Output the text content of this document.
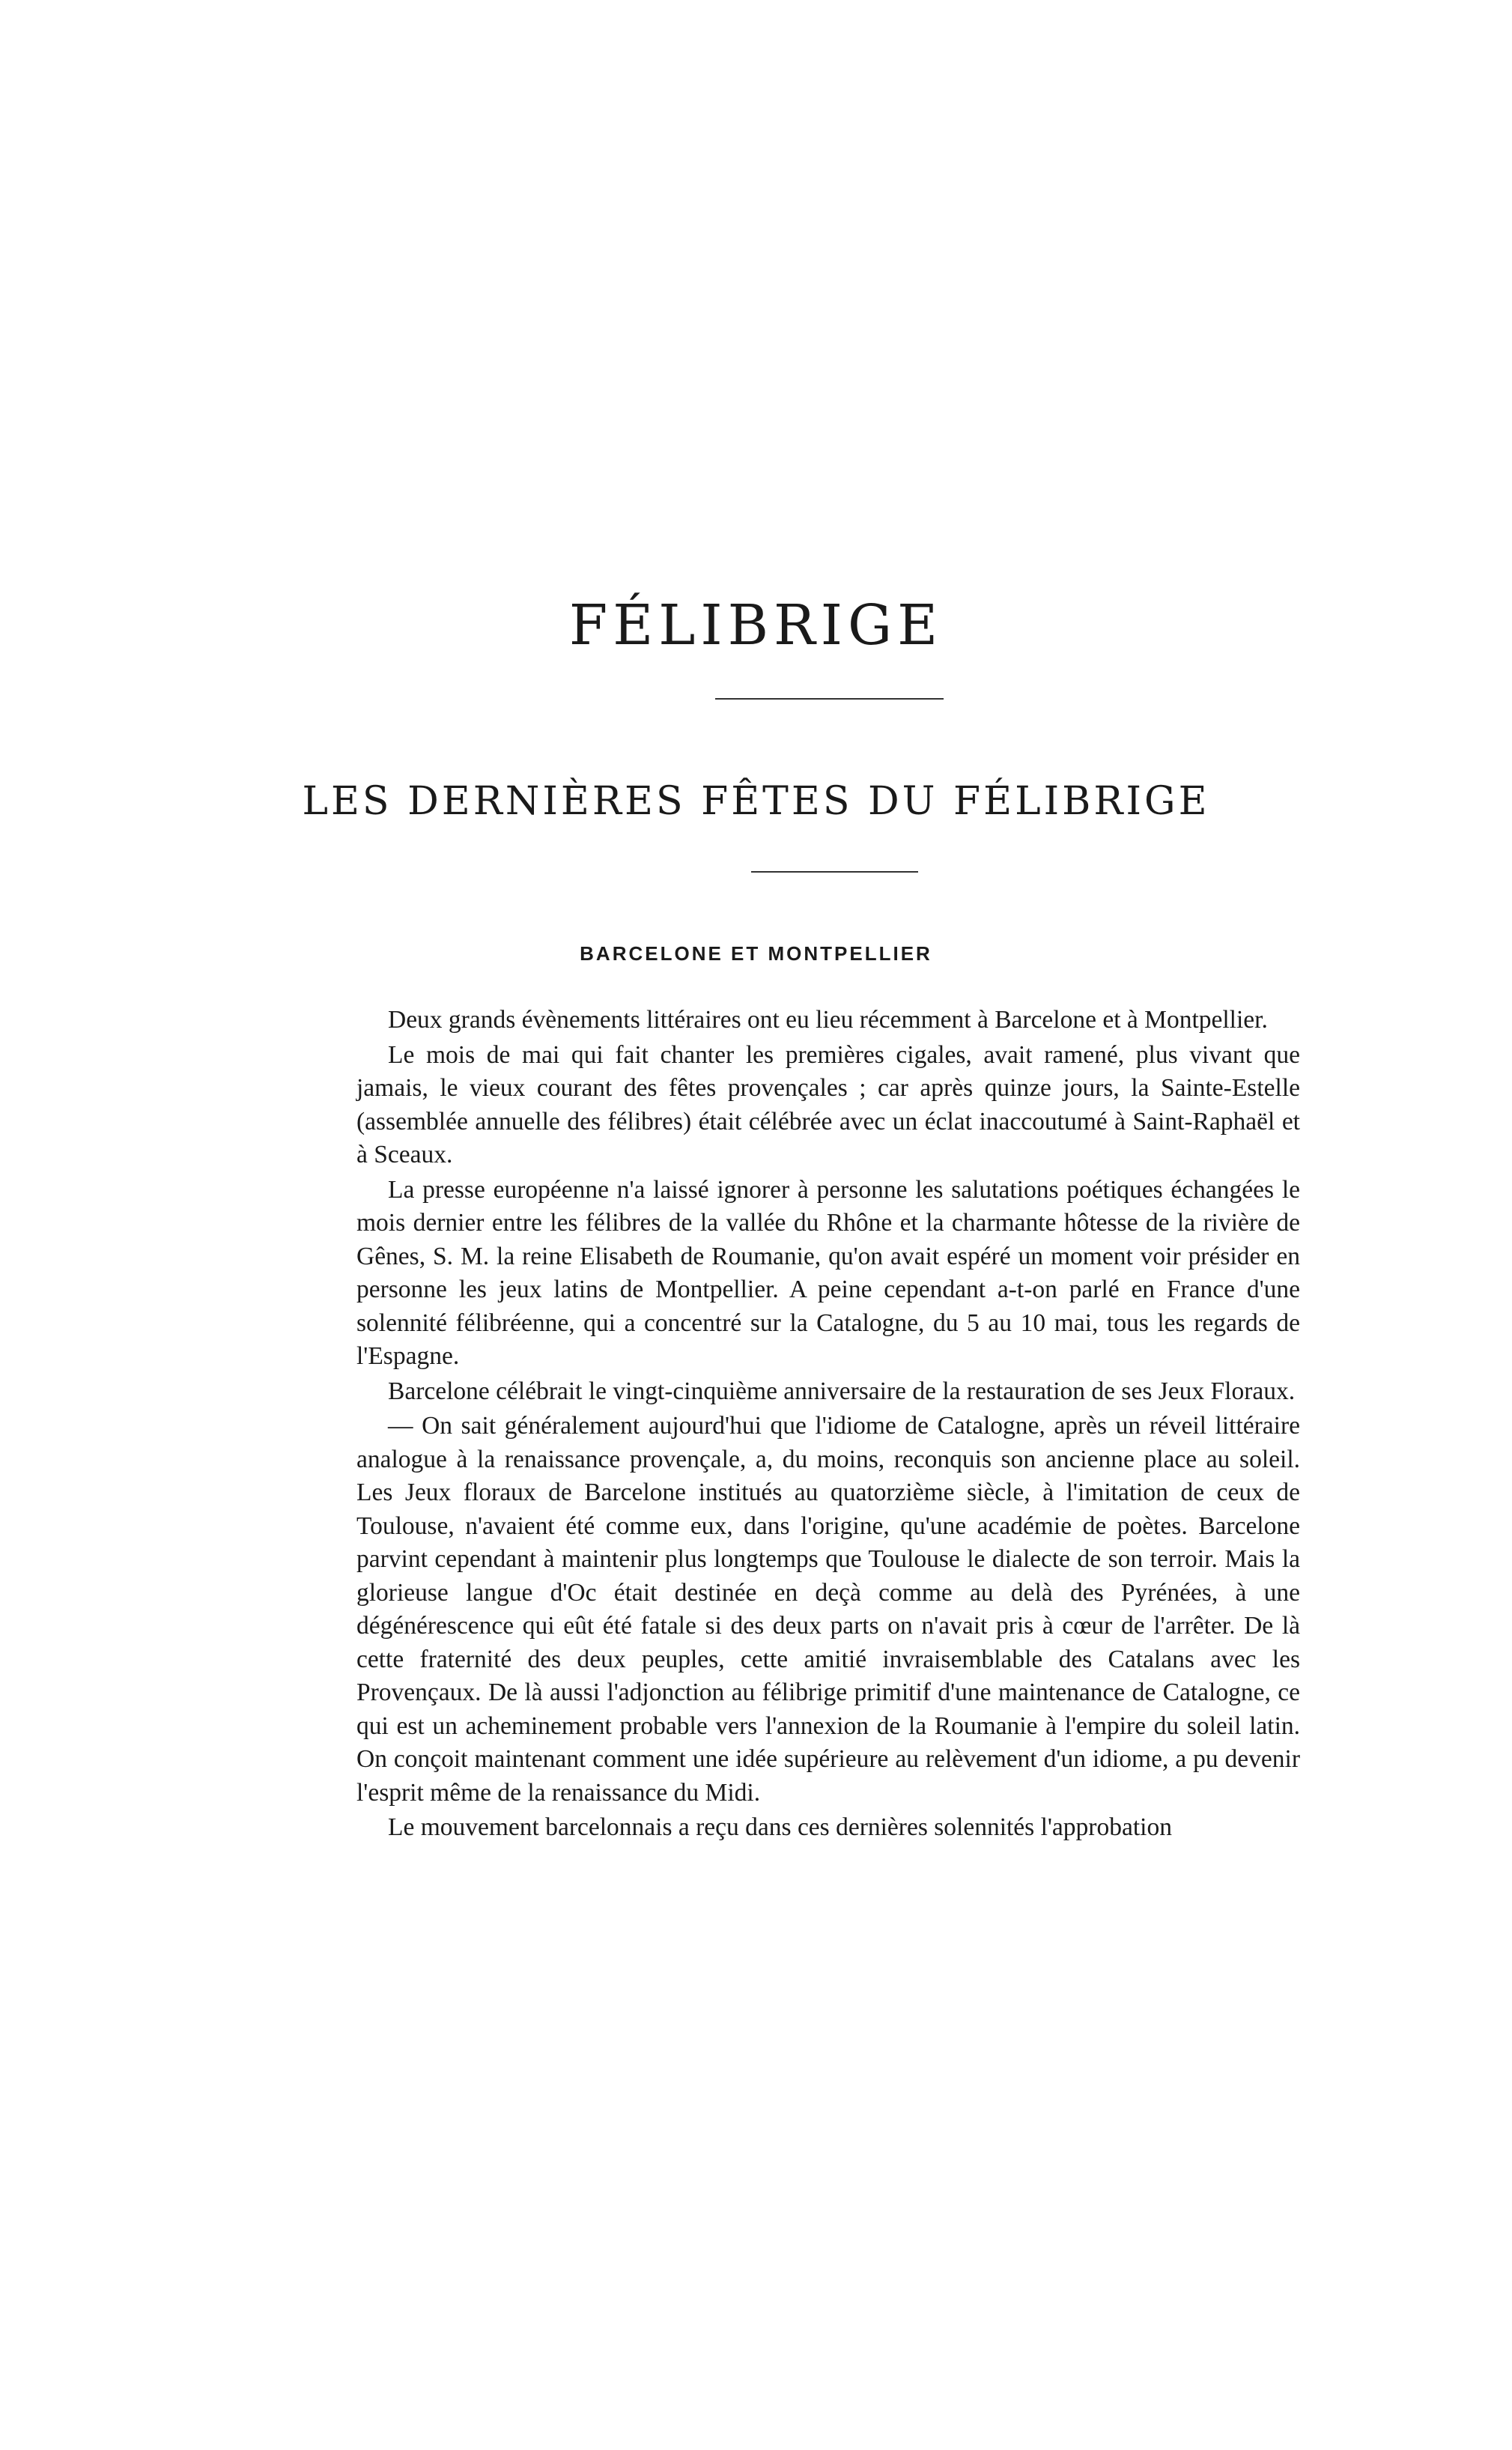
FÉLIBRIGE
LES DERNIÈRES FÊTES DU FÉLIBRIGE
BARCELONE ET MONTPELLIER

Deux grands évènements littéraires ont eu lieu récemment à Barcelone et à Montpellier.

Le mois de mai qui fait chanter les premières cigales, avait ramené, plus vivant que jamais, le vieux courant des fêtes provençales ; car après quinze jours, la Sainte-Estelle (assemblée annuelle des félibres) était célébrée avec un éclat inaccoutumé à Saint-Raphaël et à Sceaux.

La presse européenne n'a laissé ignorer à personne les salutations poétiques échangées le mois dernier entre les félibres de la vallée du Rhône et la charmante hôtesse de la rivière de Gênes, S. M. la reine Elisabeth de Roumanie, qu'on avait espéré un moment voir présider en personne les jeux latins de Montpellier. A peine cependant a-t-on parlé en France d'une solennité félibréenne, qui a concentré sur la Catalogne, du 5 au 10 mai, tous les regards de l'Espagne.

Barcelone célébrait le vingt-cinquième anniversaire de la restauration de ses Jeux Floraux.

— On sait généralement aujourd'hui que l'idiome de Catalogne, après un réveil littéraire analogue à la renaissance provençale, a, du moins, reconquis son ancienne place au soleil. Les Jeux floraux de Barcelone institués au quatorzième siècle, à l'imitation de ceux de Toulouse, n'avaient été comme eux, dans l'origine, qu'une académie de poètes. Barcelone parvint cependant à maintenir plus longtemps que Toulouse le dialecte de son terroir. Mais la glorieuse langue d'Oc était destinée en deçà comme au delà des Pyrénées, à une dégénérescence qui eût été fatale si des deux parts on n'avait pris à cœur de l'arrêter. De là cette fraternité des deux peuples, cette amitié invraisemblable des Catalans avec les Provençaux. De là aussi l'adjonction au félibrige primitif d'une maintenance de Catalogne, ce qui est un acheminement probable vers l'annexion de la Roumanie à l'empire du soleil latin. On conçoit maintenant comment une idée supérieure au relèvement d'un idiome, a pu devenir l'esprit même de la renaissance du Midi.

Le mouvement barcelonnais a reçu dans ces dernières solennités l'approbation
